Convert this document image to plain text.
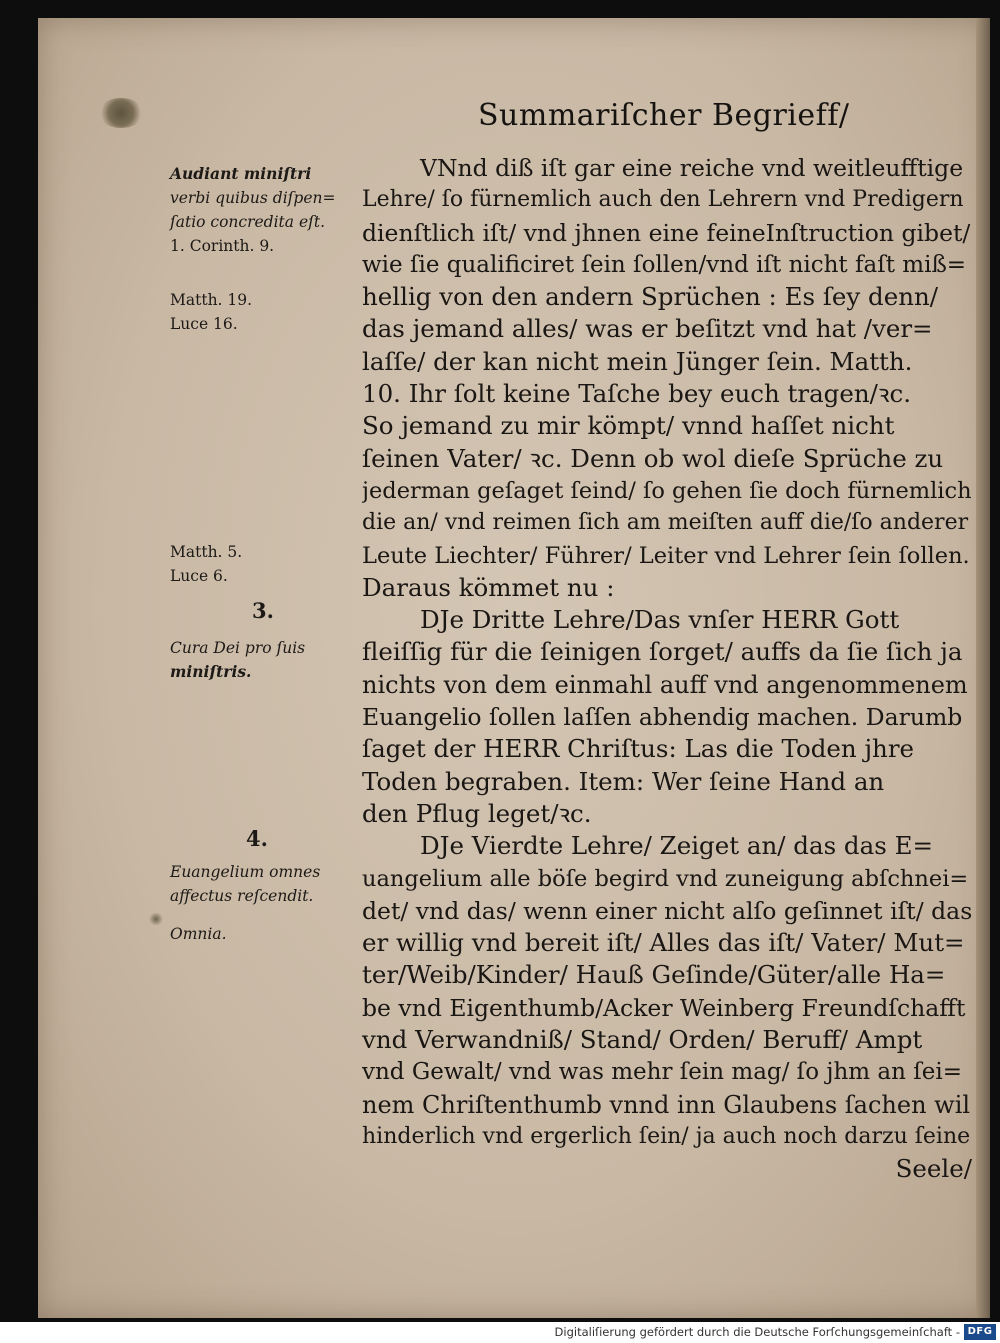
Summariſcher Begrieff/
VNnd diß iſt gar eine reiche vnd weitleufftige
Lehre/ ſo fürnemlich auch den Lehrern vnd Predigern
dienſtlich iſt/ vnd jhnen eine feineInſtruction gibet/
wie ſie qualificiret ſein ſollen/vnd iſt nicht faſt miß=
hellig von den andern Sprüchen : Es ſey denn/
das jemand alles/ was er beſitzt vnd hat /ver=
laſſe/ der kan nicht mein Jünger ſein. Matth.
10. Ihr ſolt keine Taſche bey euch tragen/ꝛc.
So jemand zu mir kömpt/ vnnd haſſet nicht
ſeinen Vater/ ꝛc. Denn ob wol dieſe Sprüche zu
jederman geſaget ſeind/ ſo gehen ſie doch fürnemlich
die an/ vnd reimen ſich am meiſten auff die/ſo anderer
Leute Liechter/ Führer/ Leiter vnd Lehrer ſein ſollen.
Daraus kömmet nu :
DJe Dritte Lehre/Das vnſer HERR Gott
fleiſſig für die ſeinigen ſorget/ auffs da ſie ſich ja
nichts von dem einmahl auff vnd angenommenem
Euangelio ſollen laſſen abhendig machen. Darumb
ſaget der HERR Chriſtus: Las die Toden jhre
Toden begraben. Item: Wer ſeine Hand an
den Pflug leget/ꝛc.
DJe Vierdte Lehre/ Zeiget an/ das das E=
uangelium alle böſe begird vnd zuneigung abſchnei=
det/ vnd das/ wenn einer nicht alſo geſinnet iſt/ das
er willig vnd bereit iſt/ Alles das iſt/ Vater/ Mut=
ter/Weib/Kinder/ Hauß Geſinde/Güter/alle Ha=
be vnd Eigenthumb/Acker Weinberg Freundſchafft
vnd Verwandniß/ Stand/ Orden/ Beruff/ Ampt
vnd Gewalt/ vnd was mehr ſein mag/ ſo jhm an ſei=
nem Chriſtenthumb vnnd inn Glaubens ſachen wil
hinderlich vnd ergerlich ſein/ ja auch noch darzu ſeine
Seele/
Audiant miniſtri
verbi quibus diſpen=
ſatio concredita eſt.
1. Corinth. 9.
Matth. 19.
Luce 16.
Matth. 5.
Luce 6.
3.
Cura Dei pro ſuis
miniſtris.
4.
Euangelium omnes
affectus reſcendit.
Omnia.
Digitaliſierung gefördert durch die Deutsche Forſchungsgemeinſchaft - DFG
